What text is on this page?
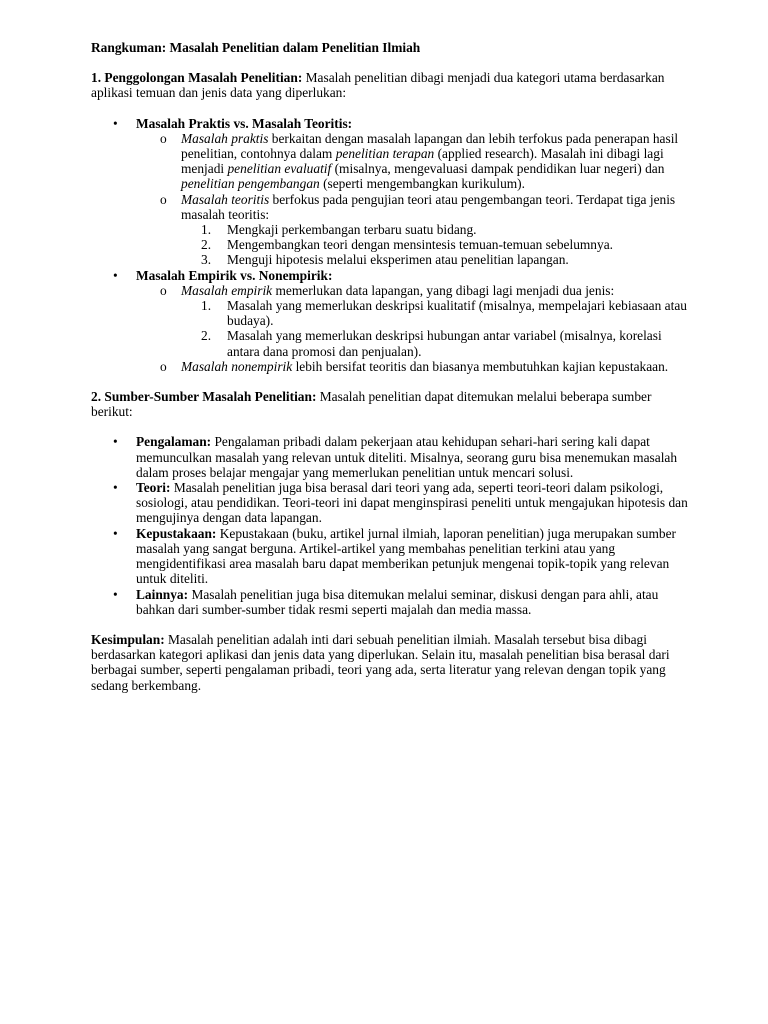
Rangkuman: Masalah Penelitian dalam Penelitian Ilmiah

1. Penggolongan Masalah Penelitian: Masalah penelitian dibagi menjadi dua kategori utama berdasarkan aplikasi temuan dan jenis data yang diperlukan:

• Masalah Praktis vs. Masalah Teoritis:
o Masalah praktis berkaitan dengan masalah lapangan dan lebih terfokus pada penerapan hasil penelitian, contohnya dalam penelitian terapan (applied research). Masalah ini dibagi lagi menjadi penelitian evaluatif (misalnya, mengevaluasi dampak pendidikan luar negeri) dan penelitian pengembangan (seperti mengembangkan kurikulum).
o Masalah teoritis berfokus pada pengujian teori atau pengembangan teori. Terdapat tiga jenis masalah teoritis:
1. Mengkaji perkembangan terbaru suatu bidang.
2. Mengembangkan teori dengan mensintesis temuan-temuan sebelumnya.
3. Menguji hipotesis melalui eksperimen atau penelitian lapangan.
• Masalah Empirik vs. Nonempirik:
o Masalah empirik memerlukan data lapangan, yang dibagi lagi menjadi dua jenis:
1. Masalah yang memerlukan deskripsi kualitatif (misalnya, mempelajari kebiasaan atau budaya).
2. Masalah yang memerlukan deskripsi hubungan antar variabel (misalnya, korelasi antara dana promosi dan penjualan).
o Masalah nonempirik lebih bersifat teoritis dan biasanya membutuhkan kajian kepustakaan.

2. Sumber-Sumber Masalah Penelitian: Masalah penelitian dapat ditemukan melalui beberapa sumber berikut:

• Pengalaman: Pengalaman pribadi dalam pekerjaan atau kehidupan sehari-hari sering kali dapat memunculkan masalah yang relevan untuk diteliti. Misalnya, seorang guru bisa menemukan masalah dalam proses belajar mengajar yang memerlukan penelitian untuk mencari solusi.
• Teori: Masalah penelitian juga bisa berasal dari teori yang ada, seperti teori-teori dalam psikologi, sosiologi, atau pendidikan. Teori-teori ini dapat menginspirasi peneliti untuk mengajukan hipotesis dan mengujinya dengan data lapangan.
• Kepustakaan: Kepustakaan (buku, artikel jurnal ilmiah, laporan penelitian) juga merupakan sumber masalah yang sangat berguna. Artikel-artikel yang membahas penelitian terkini atau yang mengidentifikasi area masalah baru dapat memberikan petunjuk mengenai topik-topik yang relevan untuk diteliti.
• Lainnya: Masalah penelitian juga bisa ditemukan melalui seminar, diskusi dengan para ahli, atau bahkan dari sumber-sumber tidak resmi seperti majalah dan media massa.

Kesimpulan: Masalah penelitian adalah inti dari sebuah penelitian ilmiah. Masalah tersebut bisa dibagi berdasarkan kategori aplikasi dan jenis data yang diperlukan. Selain itu, masalah penelitian bisa berasal dari berbagai sumber, seperti pengalaman pribadi, teori yang ada, serta literatur yang relevan dengan topik yang sedang berkembang.
